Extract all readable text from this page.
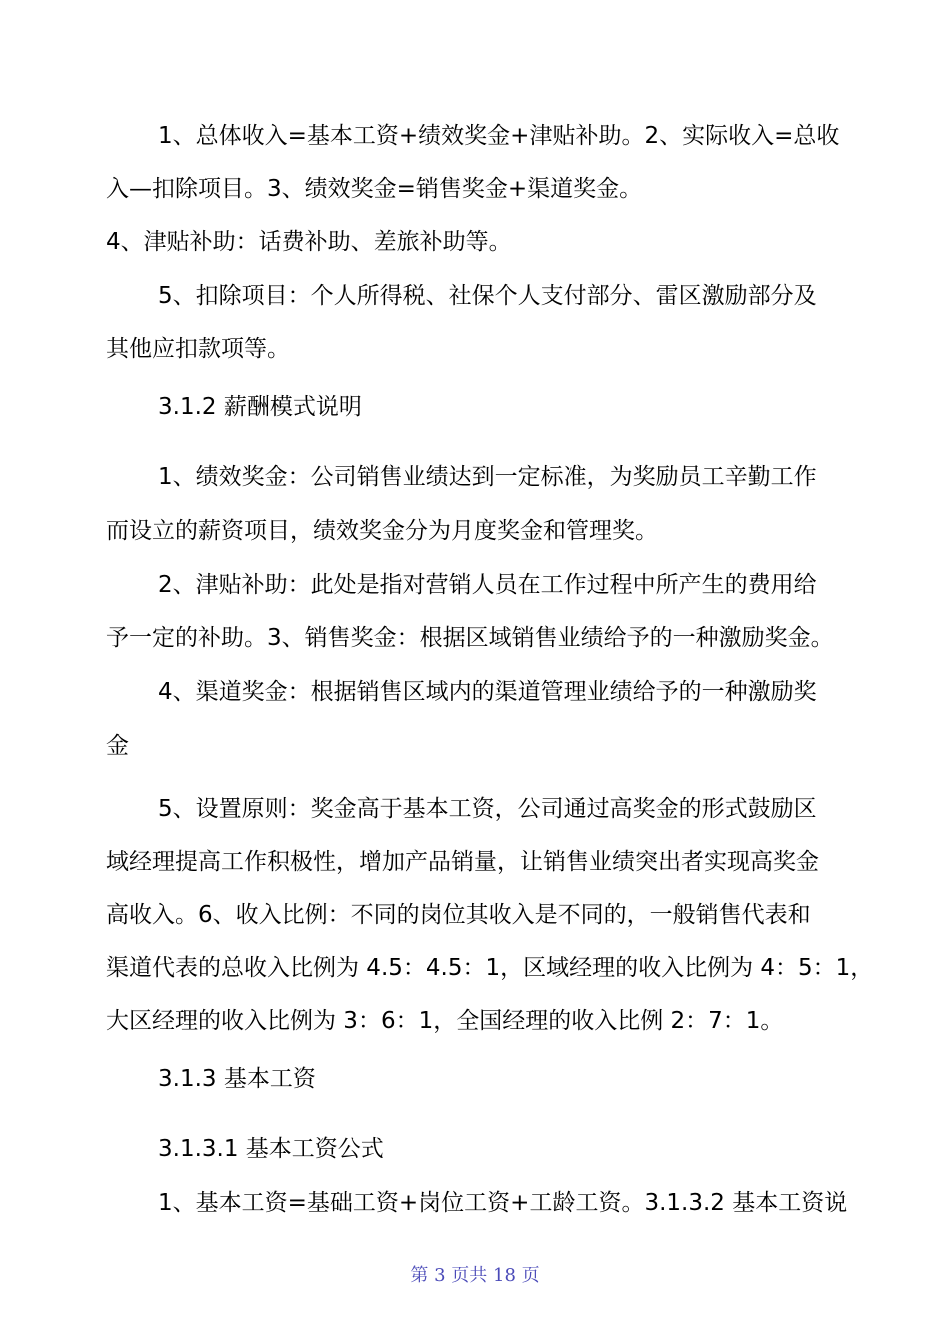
1、总体收入=基本工资+绩效奖金+津贴补助。2、实际收入=总收
入—扣除项目。3、绩效奖金=销售奖金+渠道奖金。
4、津贴补助：话费补助、差旅补助等。
5、扣除项目：个人所得税、社保个人支付部分、雷区激励部分及
其他应扣款项等。
3.1.2 薪酬模式说明
1、绩效奖金：公司销售业绩达到一定标准，为奖励员工辛勤工作
而设立的薪资项目，绩效奖金分为月度奖金和管理奖。
2、津贴补助：此处是指对营销人员在工作过程中所产生的费用给
予一定的补助。3、销售奖金：根据区域销售业绩给予的一种激励奖金。
4、渠道奖金：根据销售区域内的渠道管理业绩给予的一种激励奖
金
5、设置原则：奖金高于基本工资，公司通过高奖金的形式鼓励区
域经理提高工作积极性，增加产品销量，让销售业绩突出者实现高奖金
高收入。6、收入比例：不同的岗位其收入是不同的，一般销售代表和
渠道代表的总收入比例为 4.5：4.5：1，区域经理的收入比例为 4：5：1，
大区经理的收入比例为 3：6：1，全国经理的收入比例 2：7：1。
3.1.3 基本工资
3.1.3.1 基本工资公式
1、基本工资=基础工资+岗位工资+工龄工资。3.1.3.2 基本工资说
第 3 页共 18 页
